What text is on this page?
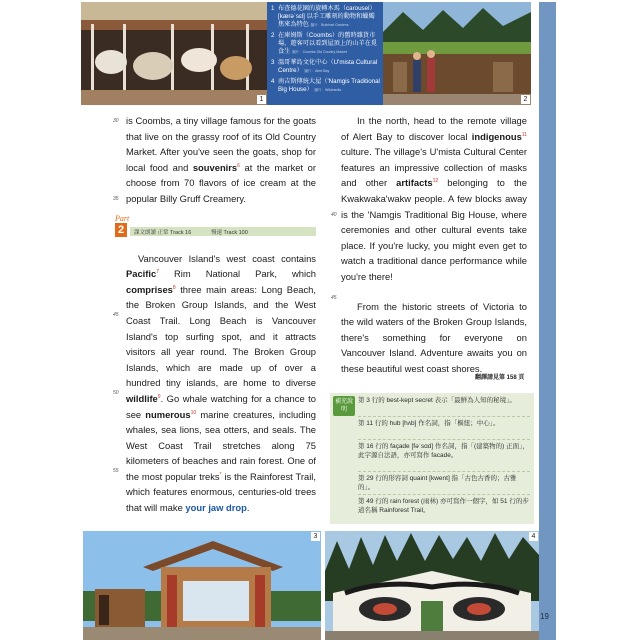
1
1 布查德花園的旋轉木馬（carousel）[kærəˈsɛl] 以手工雕刻的動物和蠟燭焦來為特色 圖片：Butchart Gardens
2 在庫姆斯（Coombs）的舊時雜貨市場，遊客可以看到屋頂上的山羊在覓食生 圖片：Coombs Old Country Market
3 溫哥華島文化中心（U'mista Cultural Centre） 圖片：Alert Bay
4 南吉斯傳統大屋（'Namgis Traditional Big House） 圖片：Wikimedia
2
30
35
45
50
55

is Coombs, a tiny village famous for the goats that live on the grassy roof of its Old Country Market. After you've seen the goats, shop for local food and souvenirs$^6$ at the market or choose from 70 flavors of ice cream at the popular Billy Gruff Creamery.

Vancouver Island's west coast contains Pacific$^7$ Rim National Park, which comprises$^8$ three main areas: Long Beach, the Broken Group Islands, and the West Coast Trail. Long Beach is Vancouver Island's top surfing spot, and it attracts visitors all year round. The Broken Group Islands, which are made up of over a hundred tiny islands, are home to diverse wildlife$^9$. Go whale watching for a chance to see numerous$^{10}$ marine creatures, including whales, sea lions, sea otters, and seals. The West Coast Trail stretches along 75 kilometers of beaches and rain forest. One of the most popular treks* is the Rainforest Trail, which features enormous, centuries-old trees that will make your jaw drop.

Part
2	課文朗讀 正常 Track 16	慢速 Track 100
40
45

In the north, head to the remote village of Alert Bay to discover local indigenous$^{11}$ culture. The village's U'mista Cultural Center features an impressive collection of masks and other artifacts$^{12}$ belonging to the Kwakwaka'wakw people. A few blocks away is the 'Namgis Traditional Big House, where ceremonies and other cultural events take place. If you're lucky, you might even get to watch a traditional dance performance while you're there!

From the historic streets of Victoria to the wild waters of the Broken Group Islands, there's something for everyone on Vancouver Island. Adventure awaits you on these beautiful west coast shores.

翻譯請見第 158 頁
補充說明
第 3 行的 best-kept secret 表示「最鮮為人知的秘境」。
第 11 行的 hub [hʌb] 作名詞，指「樞紐；中心」。
第 16 行的 façade [fəˈsɑd] 作名詞，指「(建築物的) 正面」，此字源自法語，亦可寫作 facade。
第 29 行的形容詞 quaint [kwent] 指「古色古香的；古雅的」。
第 49 行的 rain forest (雨林) 亦可寫作一個字，如 51 行的步道名稱 Rainforest Trail。
3	4
19
